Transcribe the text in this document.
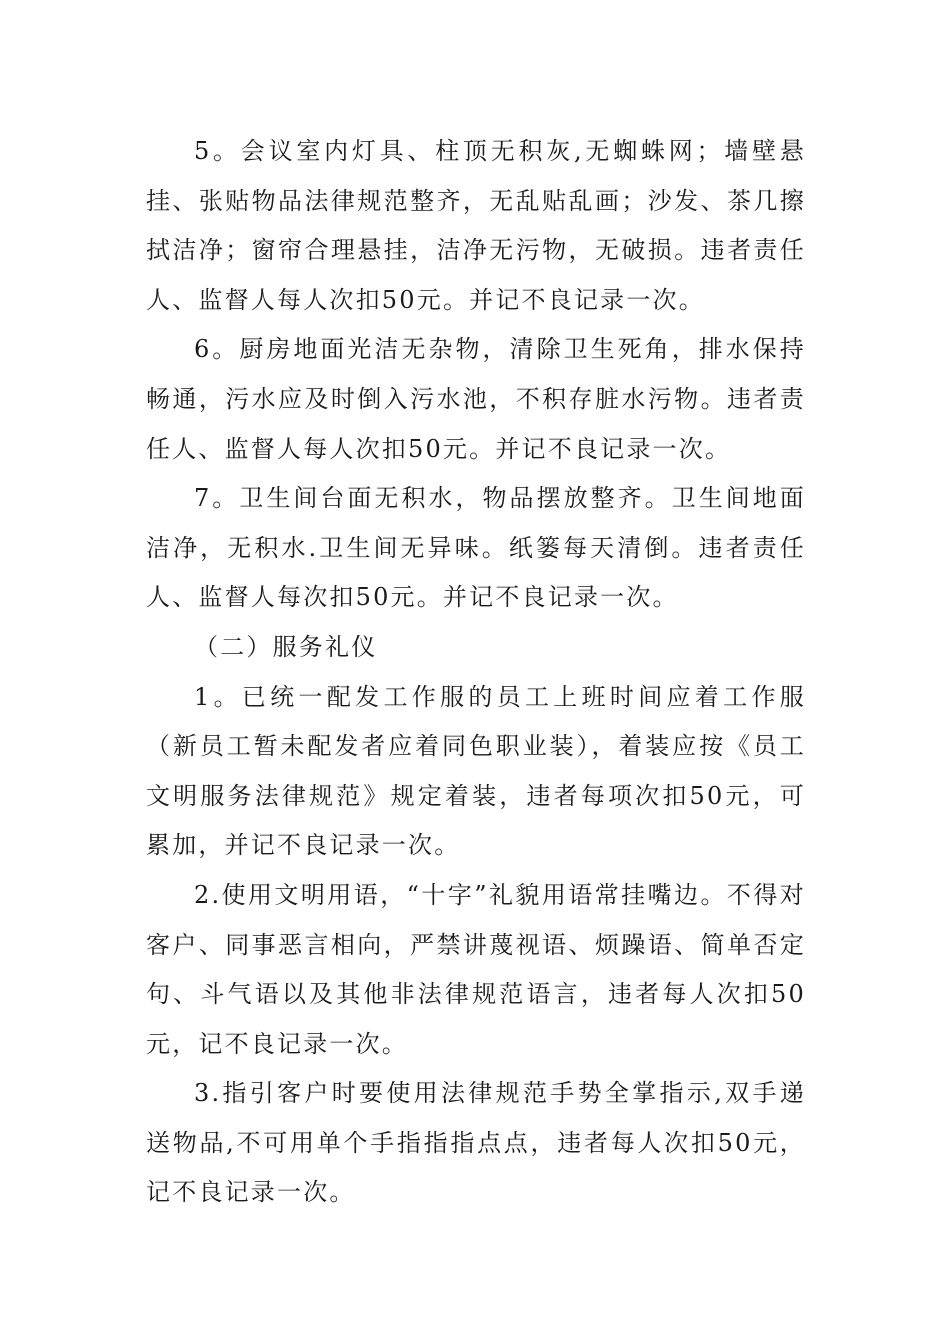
5。会议室内灯具、柱顶无积灰,无蜘蛛网；墙壁悬挂、张贴物品法律规范整齐，无乱贴乱画；沙发、茶几擦拭洁净；窗帘合理悬挂，洁净无污物，无破损。违者责任人、监督人每人次扣50元。并记不良记录一次。

6。厨房地面光洁无杂物，清除卫生死角，排水保持畅通，污水应及时倒入污水池，不积存脏水污物。违者责任人、监督人每人次扣50元。并记不良记录一次。

7。卫生间台面无积水，物品摆放整齐。卫生间地面洁净，无积水.卫生间无异味。纸篓每天清倒。违者责任人、监督人每次扣50元。并记不良记录一次。

（二）服务礼仪

1。已统一配发工作服的员工上班时间应着工作服（新员工暂未配发者应着同色职业装），着装应按《员工文明服务法律规范》规定着装，违者每项次扣50元，可累加，并记不良记录一次。

2.使用文明用语，“十字”礼貌用语常挂嘴边。不得对客户、同事恶言相向，严禁讲蔑视语、烦躁语、简单否定句、斗气语以及其他非法律规范语言，违者每人次扣50元，记不良记录一次。

3.指引客户时要使用法律规范手势全掌指示,双手递送物品,不可用单个手指指指点点，违者每人次扣50元，记不良记录一次。
